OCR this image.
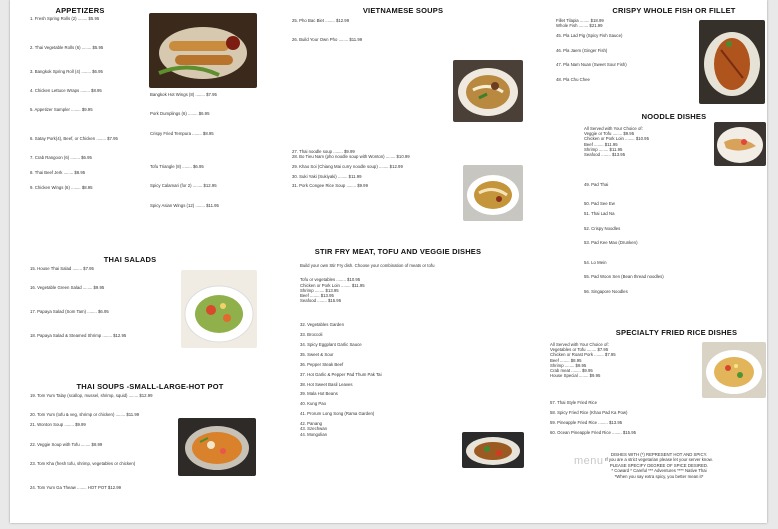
APPETIZERS
1. Fresh Spring Rolls (2) ........ $5.95

2. Thai Vegetable Rolls (6) ........ $5.95

3. Bangkok Spring Roll (4) ........ $6.95

4. Chicken Lettuce Wraps ........ $8.95

5. Appetizer Sampler ........ $9.95

6. Satay Pork(4), Beef, or Chicken ........ $7.95

7. Crab Rangoon (6) ........ $6.95

8. Thai Beef Jerk ........ $8.95

9. Chicken Wings (6) ........ $8.95
Bangkok Hot Wings (8) ........ $7.95

Pork Dumplings (6) ........ $6.95

Crispy Fried Tempura ........ $8.95

Tofu Triangle (8) ........ $6.95

Spicy Calamari (for 2) ........ $12.95

Spicy Asian Wings (12) ........ $11.95

THAI SALADS
15. House Thai Salad ........ $7.95

16. Vegetable Green Salad ........ $9.95

17. Papaya Salad (Som Tam) ........ $6.95

18. Papaya Salad & Steamed Shrimp ........ $12.95
THAI SOUPS -SMALL-LARGE-HOT POT
19. Tom Yum Talay (scallop, mussel, shrimp, squid) ........ $12.99

20. Tom Yum (tofu & veg, shrimp or chicken) ........ $11.99

21. Wonton Soup ........ $9.99

22. Veggie Soup with Tofu ........ $8.99

23. Tom Kha (fresh tofu, shrimp, vegetables or chicken)

24. Tom Yum Ga Theaw ........ HOT POT $12.99

VIETNAMESE SOUPS
25. Pho Bac Biet ........ $12.99

26. Build Your Own Pho ........ $11.99

27. Thai noodle soup ........ $9.99
28. Bo Tieu Nam (pho noodle soup with Wonton) ........ $10.99

29. Khao Soi (Chiang Mai curry noodle soup) ........ $12.99

30. Suki Yaki (Sukiyaki) ........ $11.99

31. Pork Congee Rice Soup ........ $9.99

STIR FRY MEAT, TOFU AND VEGGIE DISHES

Build your own Stir Fry dish. Choose your combination of meats or tofu

Tofu or vegetables ........ $10.95
Chicken or Pork Loin ........ $11.95
Shrimp ........ $13.95
Beef ........ $13.95
Seafood ........ $15.95

32. Vegetables Garden

33. Broccoli

34. Spicy Eggplant Garlic Sauce

35. Sweet & Sour

36. Pepper Steak Beef

37. Hot Garlic & Pepper Pad Thum Pak Tai

38. Hot Sweet Basil Leaves

39. Mala Hot Beans

40. Kung Pao

41. Prorum Long Song (Rama Garden)

42. Panang
43. Szechwan
44. Mongolian
CRISPY WHOLE FISH OR FILLET
Fillet Tilapia ........ $18.99
Whole Fish ........ $21.99

45. Pla Lad Pig (Spicy Fish Sauce)

46. Pla Jaem (Ginger Fish)

47. Pla Nam Nuan (Sweet Sour Fish)

48. Pla Chu Chee

NOODLE DISHES
All Served with Your Choice of:
Veggie or Tofu ........ $9.95
Chicken or Pork Loin ........ $10.95
Beef ........ $11.95
Shrimp ........ $11.95
Seafood ........ $13.95
49. Pad Thai

50. Pad See Ew

51. Thai Lad Na

52. Crispy Noodles

53. Pad Kee Mao (Drunken)

54. Lo Mein

55. Pad Woon Sen (Bean thread noodles)

56. Singapore Noodles

SPECIALTY FRIED RICE DISHES
All Served with Your Choice of:
Vegetables or Tofu ........ $7.95
Chicken or Roast Pork ........ $7.95
Beef ........ $8.95
Shrimp ........ $8.95
Crab meat ........ $9.95
House Special ........ $9.95
57. Thai Style Fried Rice

58. Spicy Fried Rice (Khao Pad Ka Pow)

59. Pineapple Fried Rice ........ $13.95

60. Ocean Pineapple Fried Rice ........ $15.95

DISHES WITH (*) REPRESENT HOT AND SPICY.
If you are a strict vegetarian please let your server know.
PLEASE SPECIFY DEGREE OF SPICE DESIRED.
* Coward * Careful *** Adventures **** Native Thai
*When you say extra spicy, you better mean it*
menu
